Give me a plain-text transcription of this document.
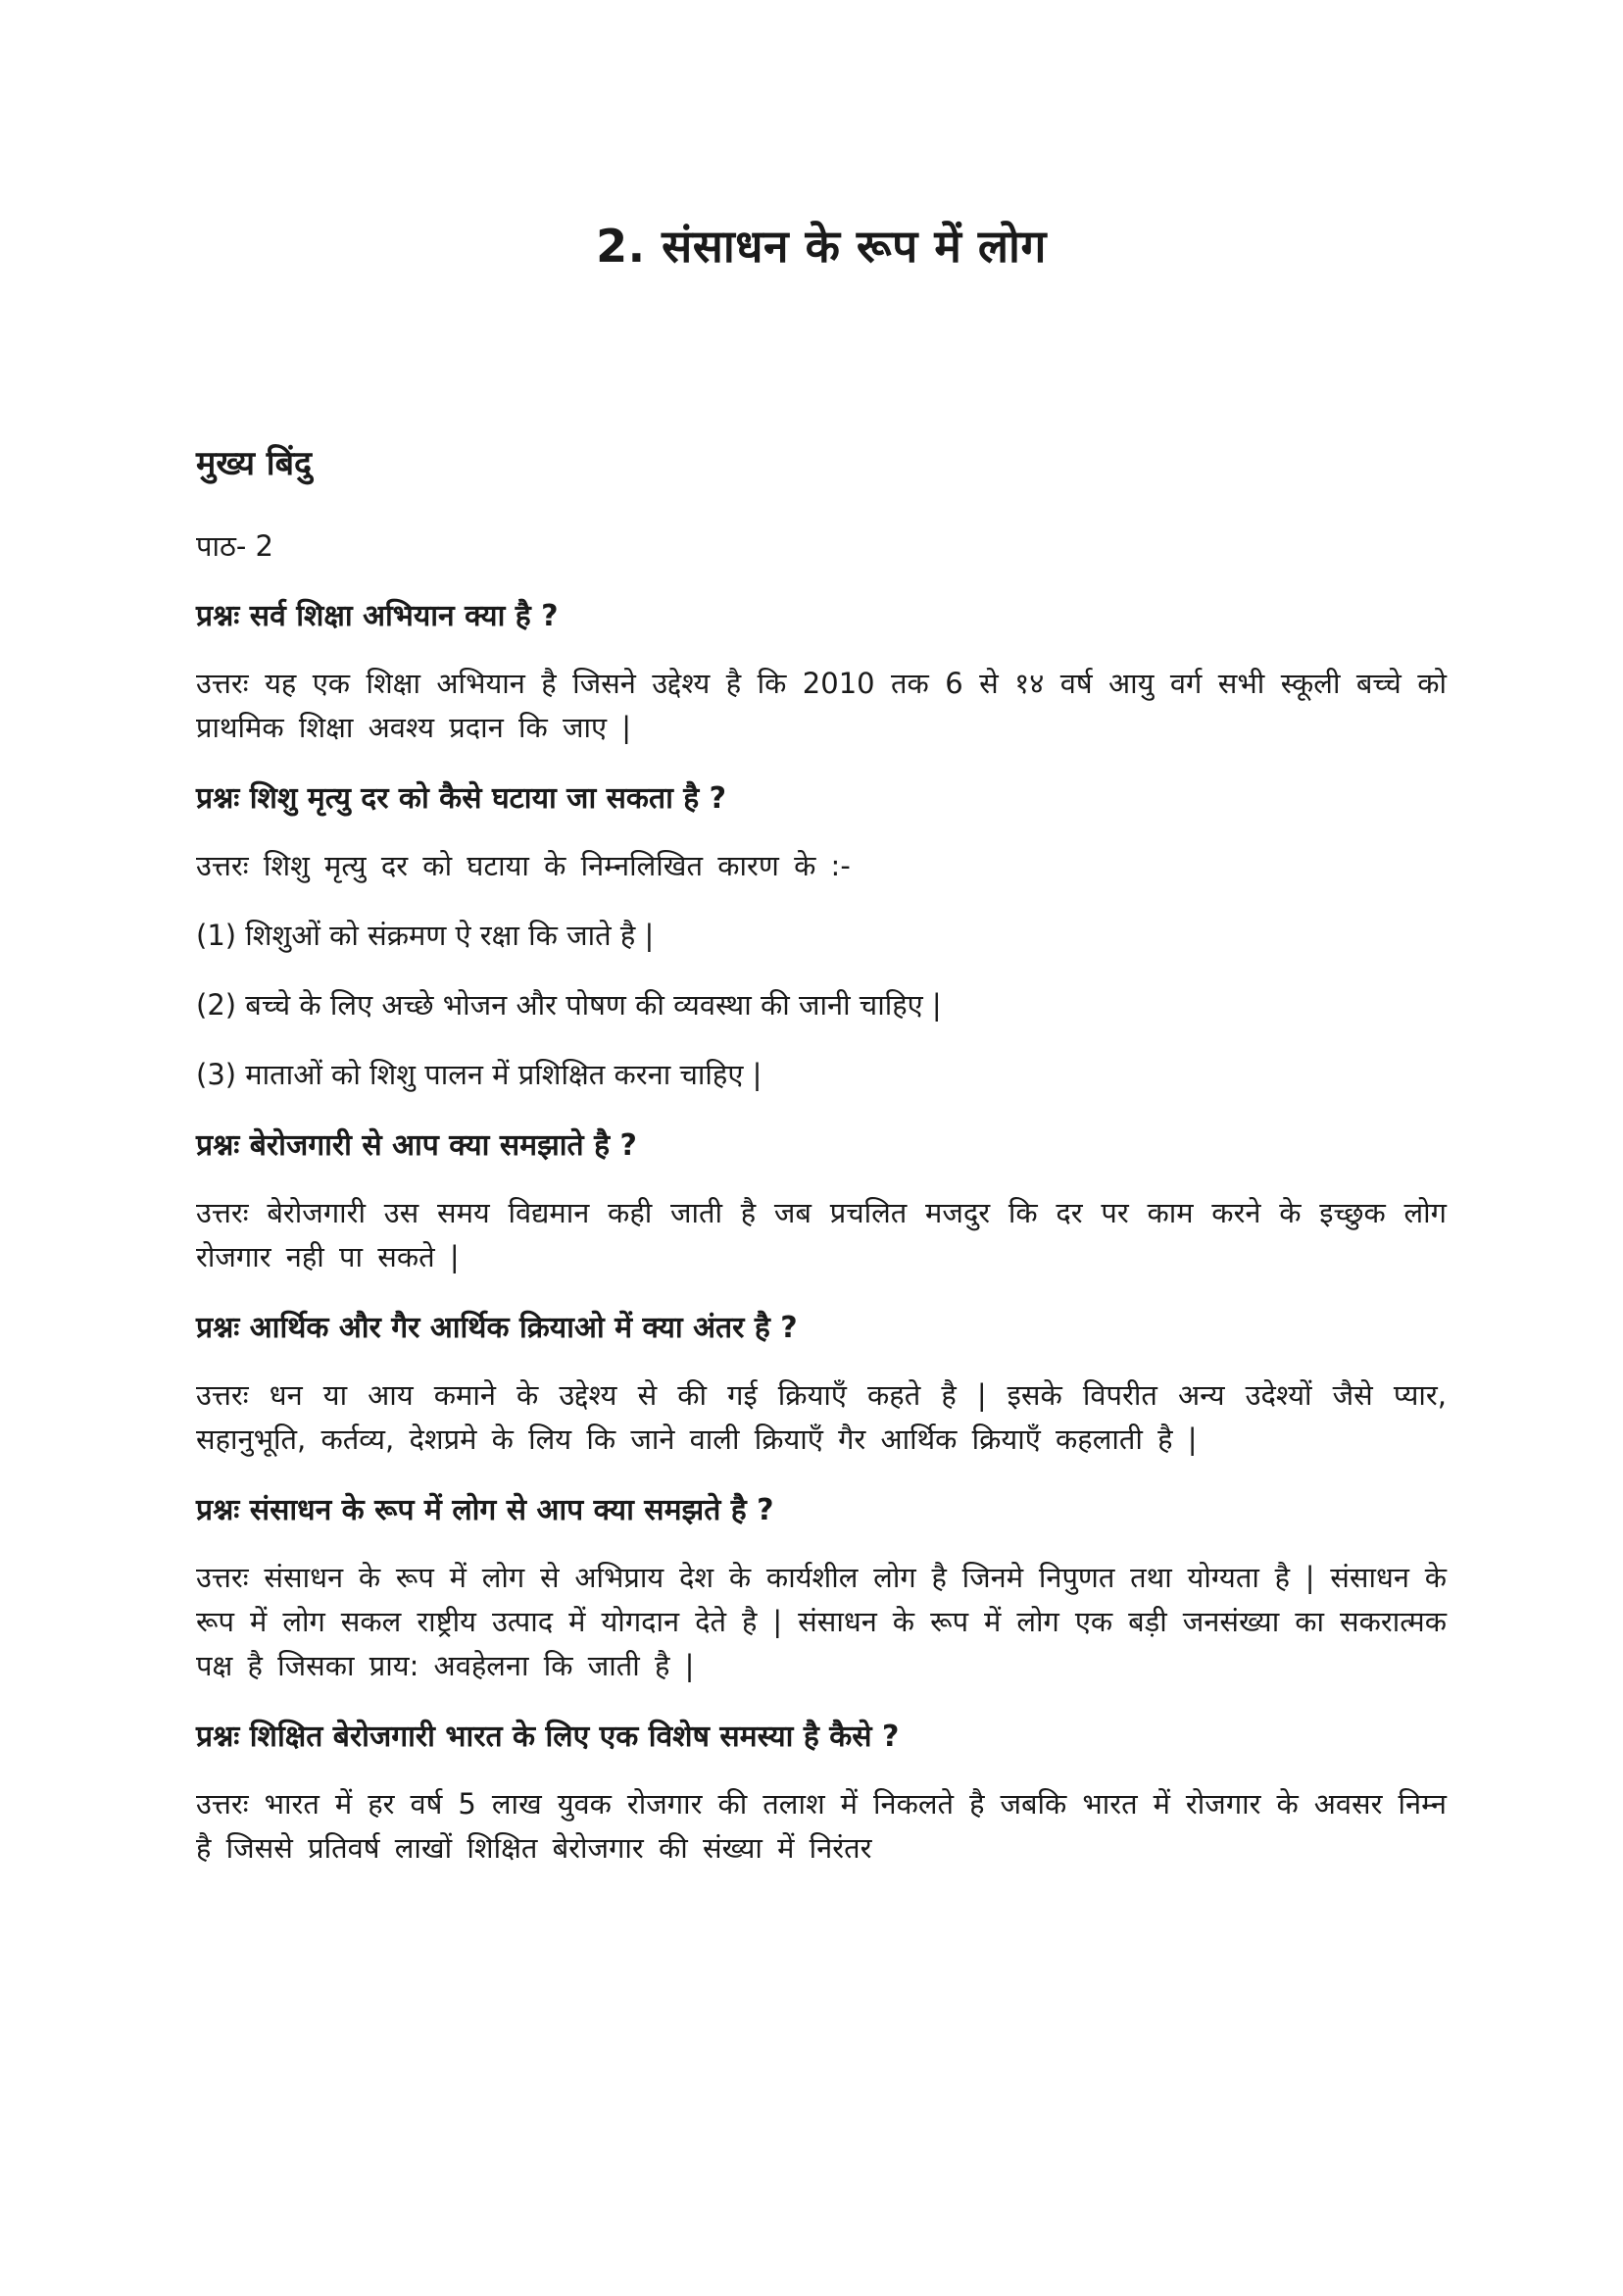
2. संसाधन के रूप में लोग
मुख्य बिंदु

पाठ- 2

प्रश्नः सर्व शिक्षा अभियान क्या है ?

उत्तरः यह एक शिक्षा अभियान है जिसने उद्देश्य है कि 2010 तक 6 से १४ वर्ष आयु वर्ग सभी स्कूली बच्चे को प्राथमिक शिक्षा अवश्य प्रदान कि जाए |

प्रश्नः शिशु मृत्यु दर को कैसे घटाया जा सकता है ?

उत्तरः शिशु मृत्यु दर को घटाया के निम्नलिखित कारण के :-

(1) शिशुओं को संक्रमण ऐ रक्षा कि जाते है |

(2) बच्चे के लिए अच्छे भोजन और पोषण की व्यवस्था की जानी चाहिए |

(3) माताओं को शिशु पालन में प्रशिक्षित करना चाहिए |

प्रश्नः बेरोजगारी से आप क्या समझाते है ?

उत्तरः बेरोजगारी उस समय विद्यमान कही जाती है जब प्रचलित मजदुर कि दर पर काम करने के इच्छुक लोग रोजगार नही पा सकते |

प्रश्नः आर्थिक और गैर आर्थिक क्रियाओ में क्या अंतर है ?

उत्तरः धन या आय कमाने के उद्देश्य से की गई क्रियाएँ कहते है | इसके विपरीत अन्य उदेश्यों जैसे प्यार, सहानुभूति, कर्तव्य, देशप्रमे के लिय कि जाने वाली क्रियाएँ गैर आर्थिक क्रियाएँ कहलाती है |

प्रश्नः संसाधन के रूप में लोग से आप क्या समझते है ?

उत्तरः संसाधन के रूप में लोग से अभिप्राय देश के कार्यशील लोग है जिनमे निपुणत तथा योग्यता है | संसाधन के रूप में लोग सकल राष्ट्रीय उत्पाद में योगदान देते है | संसाधन के रूप में लोग एक बड़ी जनसंख्या का सकरात्मक पक्ष है जिसका प्राय: अवहेलना कि जाती है |

प्रश्नः शिक्षित बेरोजगारी भारत के लिए एक विशेष समस्या है कैसे ?

उत्तरः भारत में हर वर्ष 5 लाख युवक रोजगार की तलाश में निकलते है जबकि भारत में रोजगार के अवसर निम्न है जिससे प्रतिवर्ष लाखों शिक्षित बेरोजगार की संख्या में निरंतर
